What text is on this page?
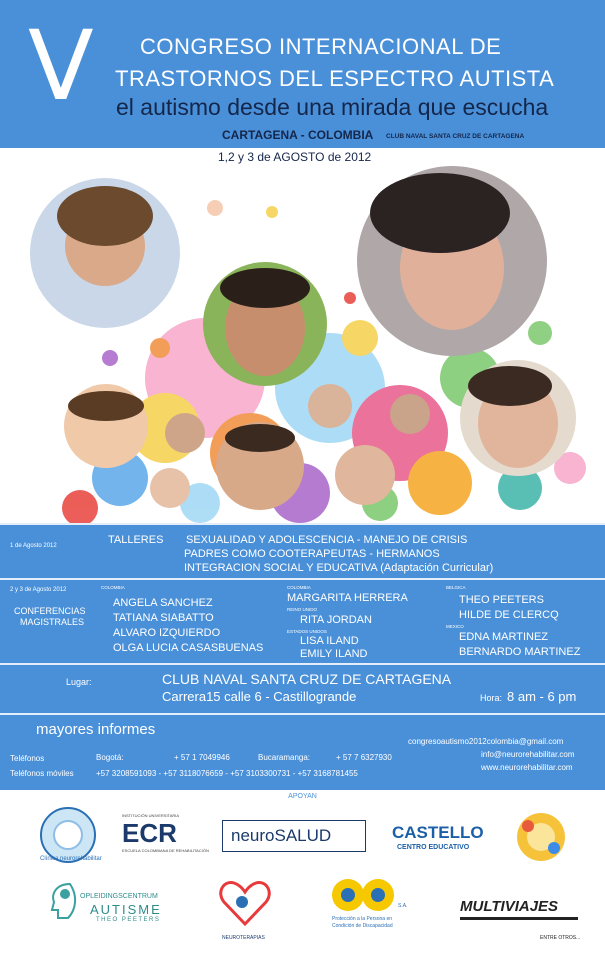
V CONGRESO INTERNACIONAL DE
TRASTORNOS DEL ESPECTRO AUTISTA
el autismo desde una mirada que escucha
CARTAGENA - COLOMBIA CLUB NAVAL SANTA CRUZ DE CARTAGENA
1,2 y 3 de AGOSTO de 2012
1 de Agosto 2012	TALLERES SEXUALIDAD Y ADOLESCENCIA - MANEJO DE CRISIS
PADRES COMO COOTERAPEUTAS - HERMANOS
INTEGRACION SOCIAL Y EDUCATIVA (Adaptación Curricular)
2 y 3 de Agosto 2012
CONFERENCIAS
MAGISTRALES
COLOMBIA
ANGELA SANCHEZ
TATIANA SIABATTO
ALVARO IZQUIERDO
OLGA LUCIA CASASBUENAS
COLOMBIA
MARGARITA HERRERA
REINO UNIDO
RITA JORDAN
ESTADOS UNIDOS
LISA ILAND
EMILY ILAND
BELGICA
THEO PEETERS
HILDE DE CLERCQ
MEXICO
EDNA MARTINEZ
BERNARDO MARTINEZ
Lugar:	CLUB NAVAL SANTA CRUZ DE CARTAGENA
Carrera15 calle 6 - Castillogrande	Hora: 8 am - 6 pm
mayores informes
Teléfonos	Bogotá:	+ 57 1 7049946	Bucaramanga:	+ 57 7 6327930
Teléfonos móviles	+57 3208591093 - +57 3118076659 - +57 3103300731 - +57 3168781455
congresoautismo2012colombia@gmail.com
info@neurorehabilitar.com
www.neurorehabilitar.com
APOYAN
Clínica neurorehabilitar
INSTITUCIÓN UNIVERSITARIA
ECR
ESCUELA COLOMBIANA DE REHABILITACIÓN
neuroSALUD	CASTELLO
CENTRO EDUCATIVO
OPLEIDINGSCENTRUM
AUTISME
THEO PEETERS
NEUROTERAPIAS
S.A.
Protección a la Persona en
Condición de Discapacidad
MULTIVIAJES
ENTRE OTROS...
